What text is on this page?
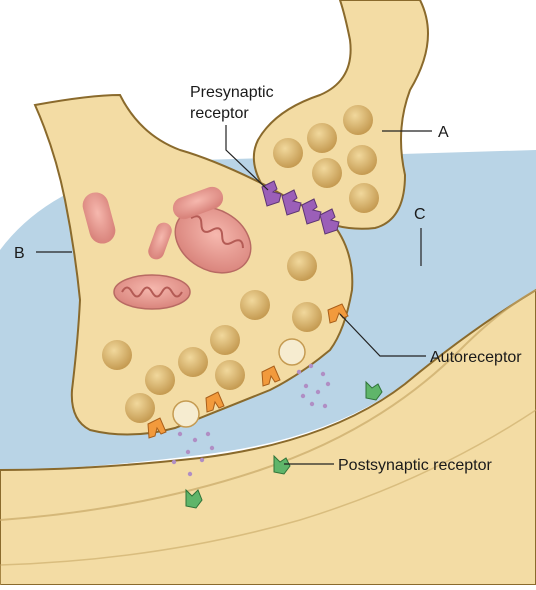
Presynaptic
receptor
A
B
C
Autoreceptor
Postsynaptic receptor
